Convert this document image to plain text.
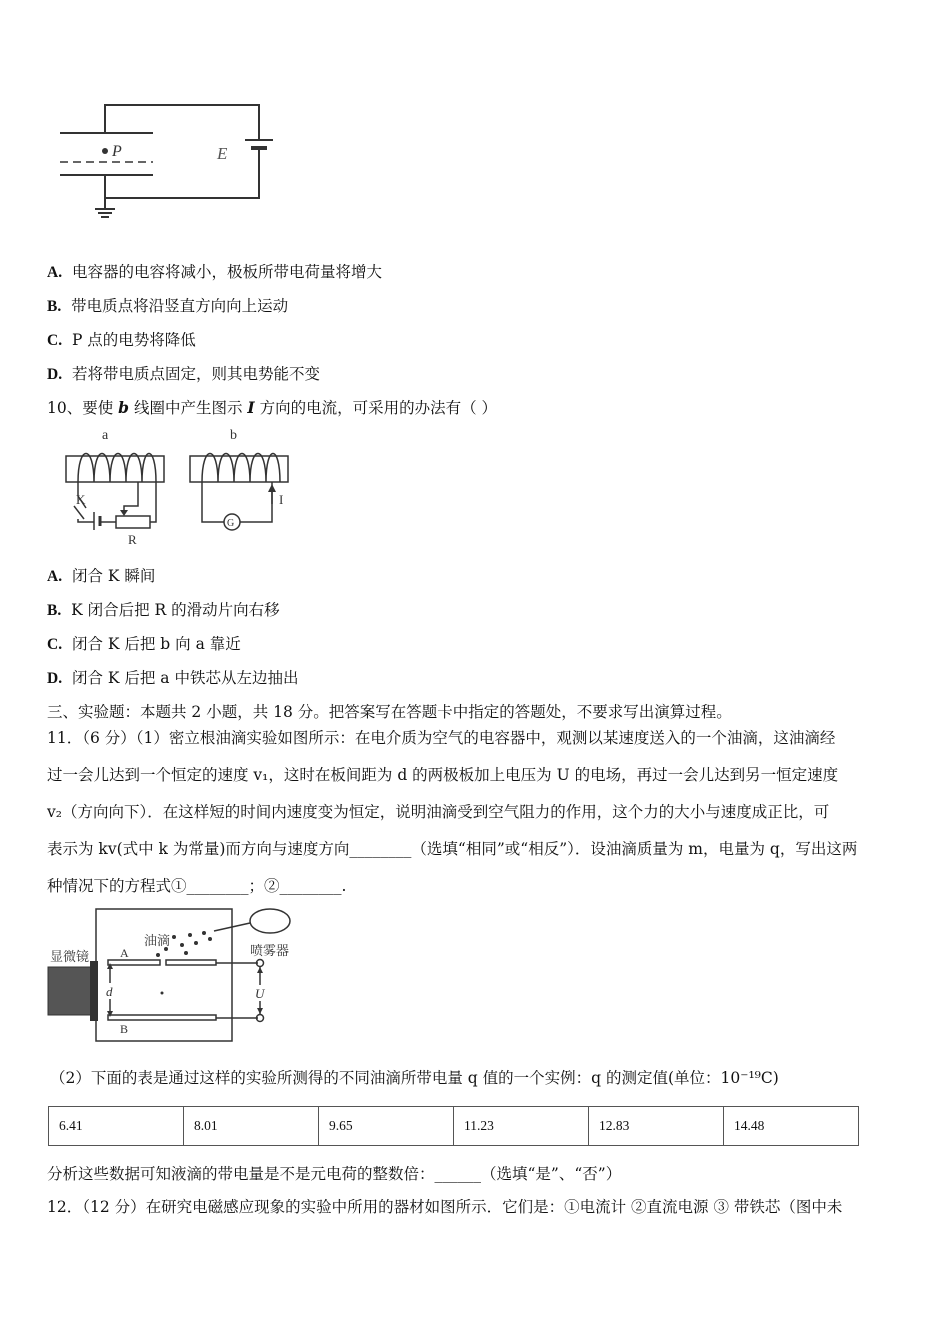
P	E
A. 电容器的电容将减小，极板所带电荷量将增大
B. 带电质点将沿竖直方向向上运动
C. P 点的电势将降低
D. 若将带电质点固定，则其电势能不变
10、要使 b 线圈中产生图示 I 方向的电流，可采用的办法有（ ）
a	b
K
R
I
G
A. 闭合 K 瞬间
B. K 闭合后把 R 的滑动片向右移
C. 闭合 K 后把 b 向 a 靠近
D. 闭合 K 后把 a 中铁芯从左边抽出
三、实验题：本题共 2 小题，共 18 分。把答案写在答题卡中指定的答题处，不要求写出演算过程。
11．（6 分）（1）密立根油滴实验如图所示：在电介质为空气的电容器中，观测以某速度送入的一个油滴，这油滴经
过一会儿达到一个恒定的速度 v₁，这时在板间距为 d 的两极板加上电压为 U 的电场，再过一会儿达到另一恒定速度
v₂（方向向下）．在这样短的时间内速度变为恒定，说明油滴受到空气阻力的作用，这个力的大小与速度成正比，可
表示为 kv(式中 k 为常量)而方向与速度方向________（选填“相同”或“相反”）．设油滴质量为 m，电量为 q，写出这两
种情况下的方程式①________；②________.
油滴
喷雾器
显微镜	A
B
d	U
（2）下面的表是通过这样的实验所测得的不同油滴所带电量 q 值的一个实例：q 的测定值(单位：10⁻¹⁹C)
6.41	8.01	9.65	11.23	12.83	14.48
分析这些数据可知液滴的带电量是不是元电荷的整数倍：______（选填“是”、“否”）
12．（12 分）在研究电磁感应现象的实验中所用的器材如图所示．它们是：①电流计 ②直流电源 ③ 带铁芯（图中未
